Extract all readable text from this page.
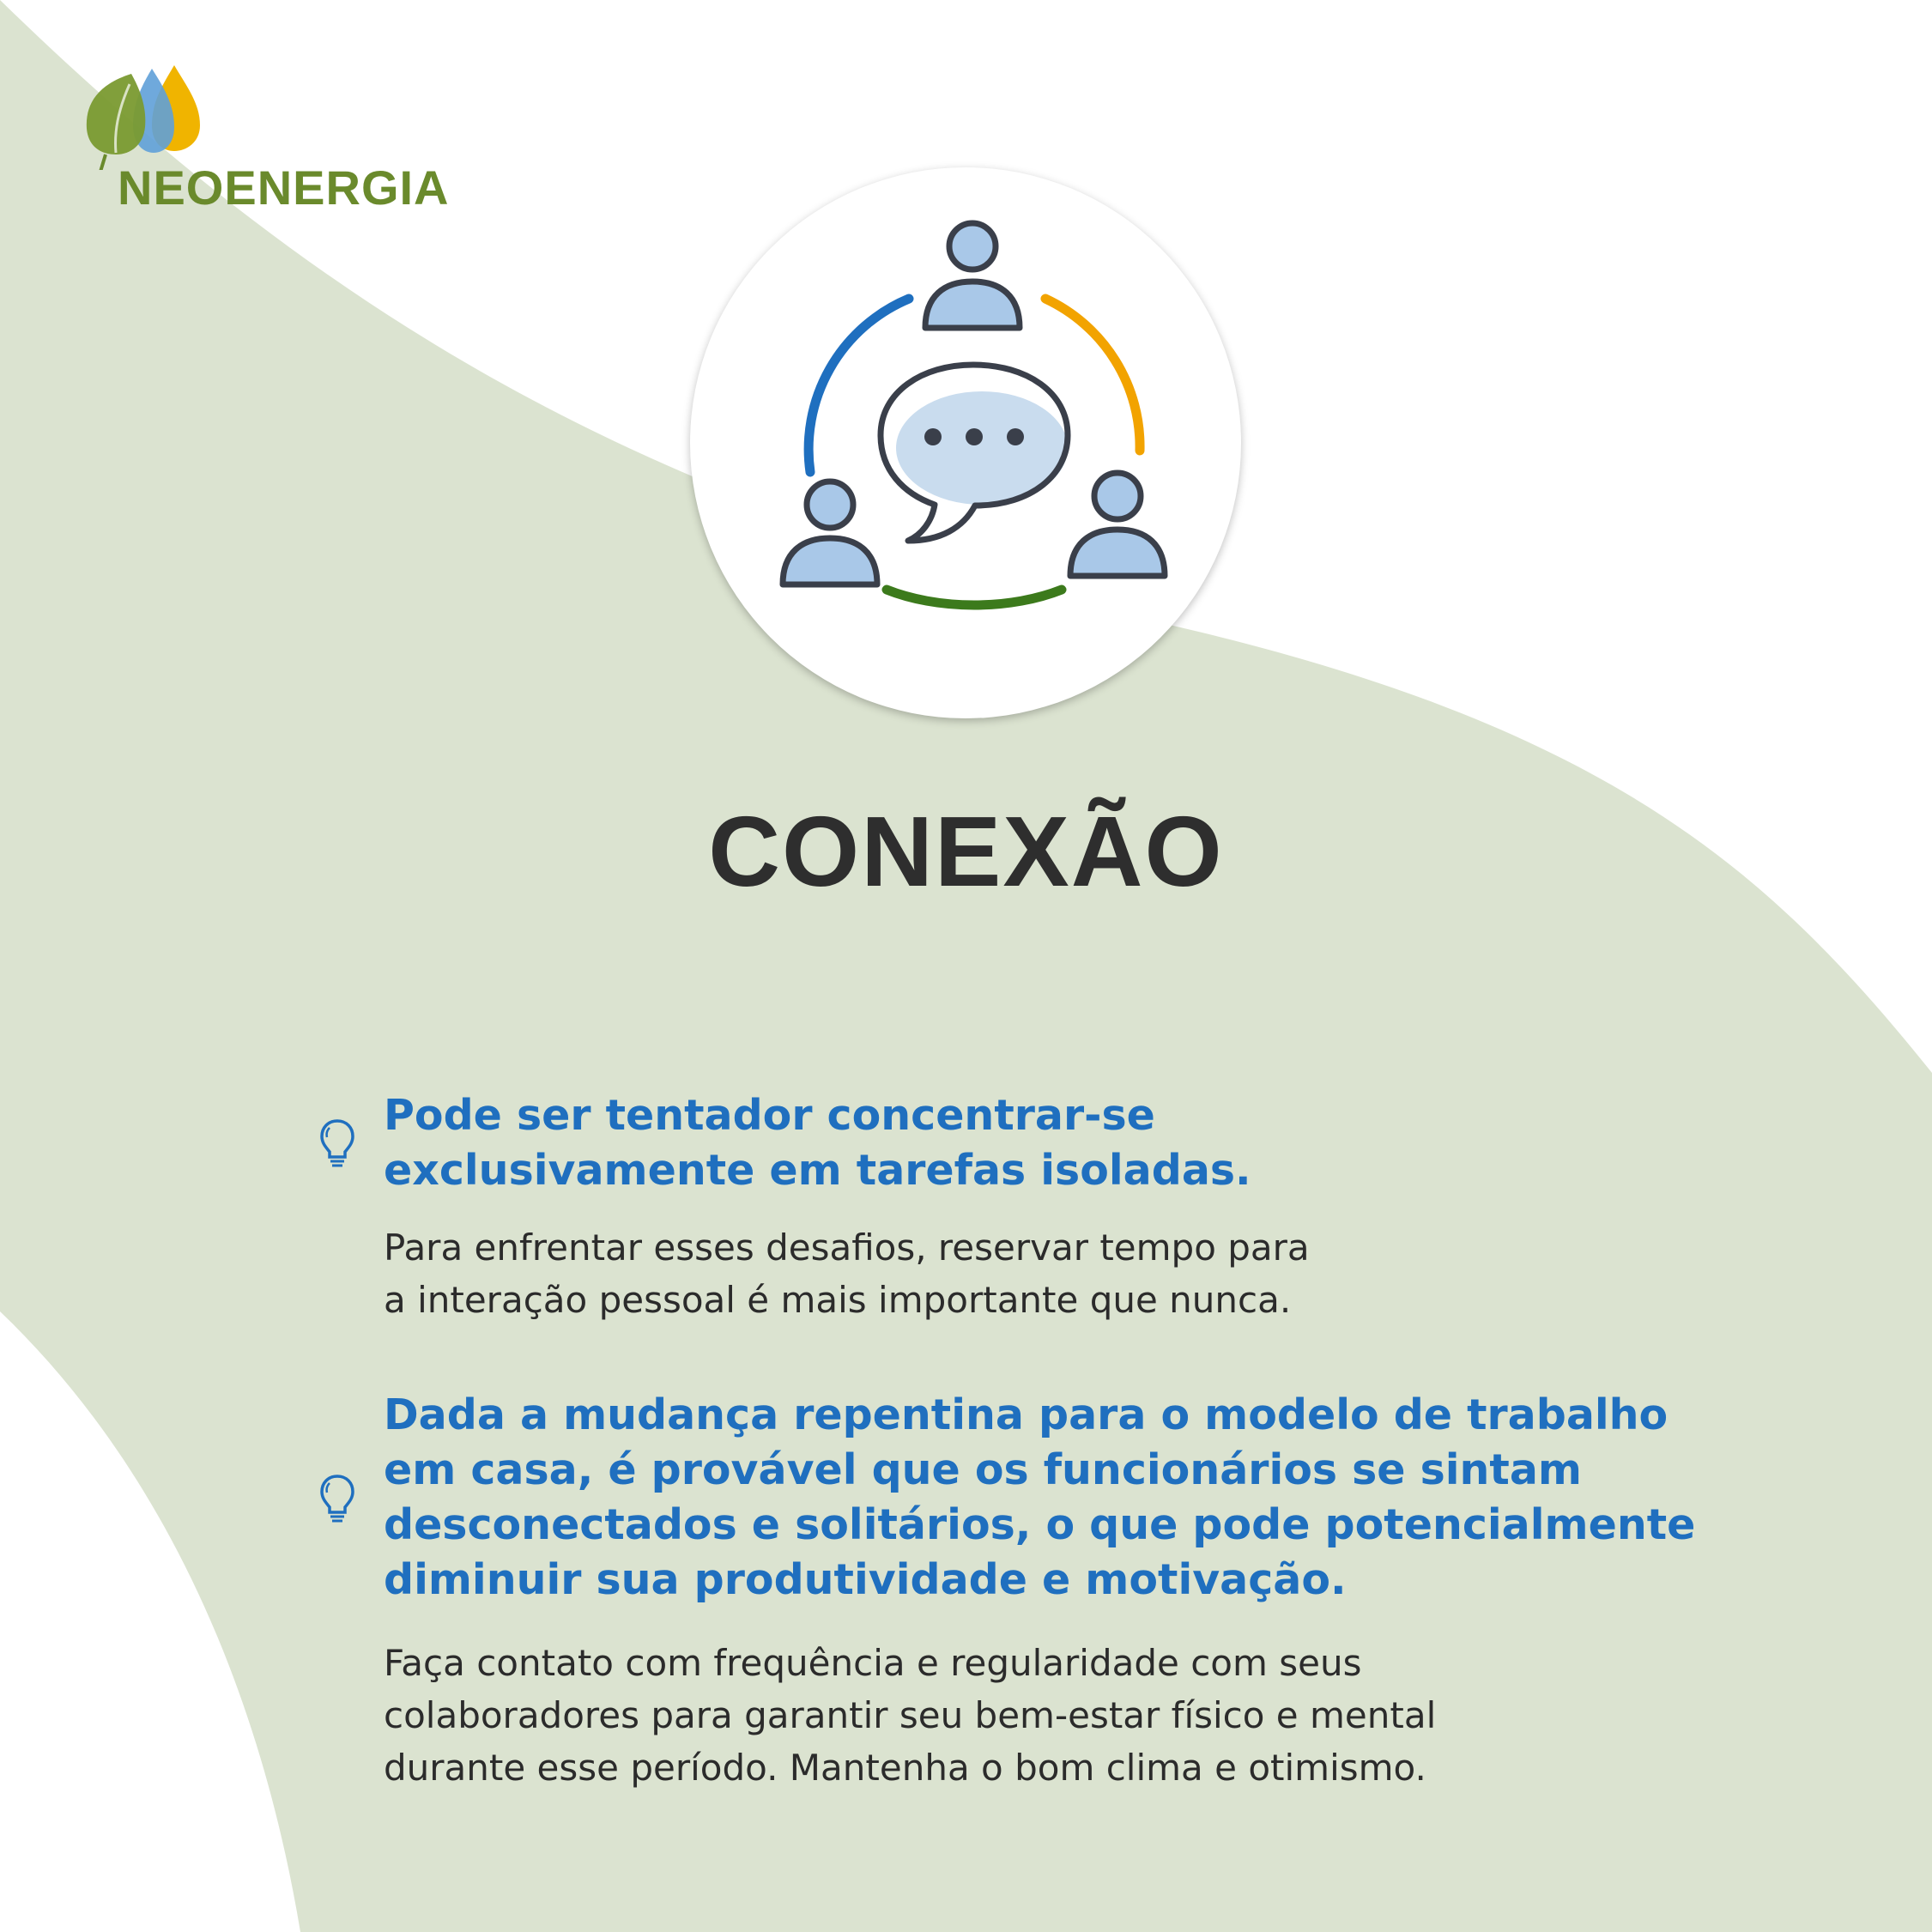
NEOENERGIA
CONEXÃO
Pode ser tentador concentrar-se
exclusivamente em tarefas isoladas.
Para enfrentar esses desafios, reservar tempo para
a interação pessoal é mais importante que nunca.
Dada a mudança repentina para o modelo de trabalho
em casa, é provável que os funcionários se sintam
desconectados e solitários, o que pode potencialmente
diminuir sua produtividade e motivação.
Faça contato com frequência e regularidade com seus
colaboradores para garantir seu bem-estar físico e mental
durante esse período. Mantenha o bom clima e otimismo.
